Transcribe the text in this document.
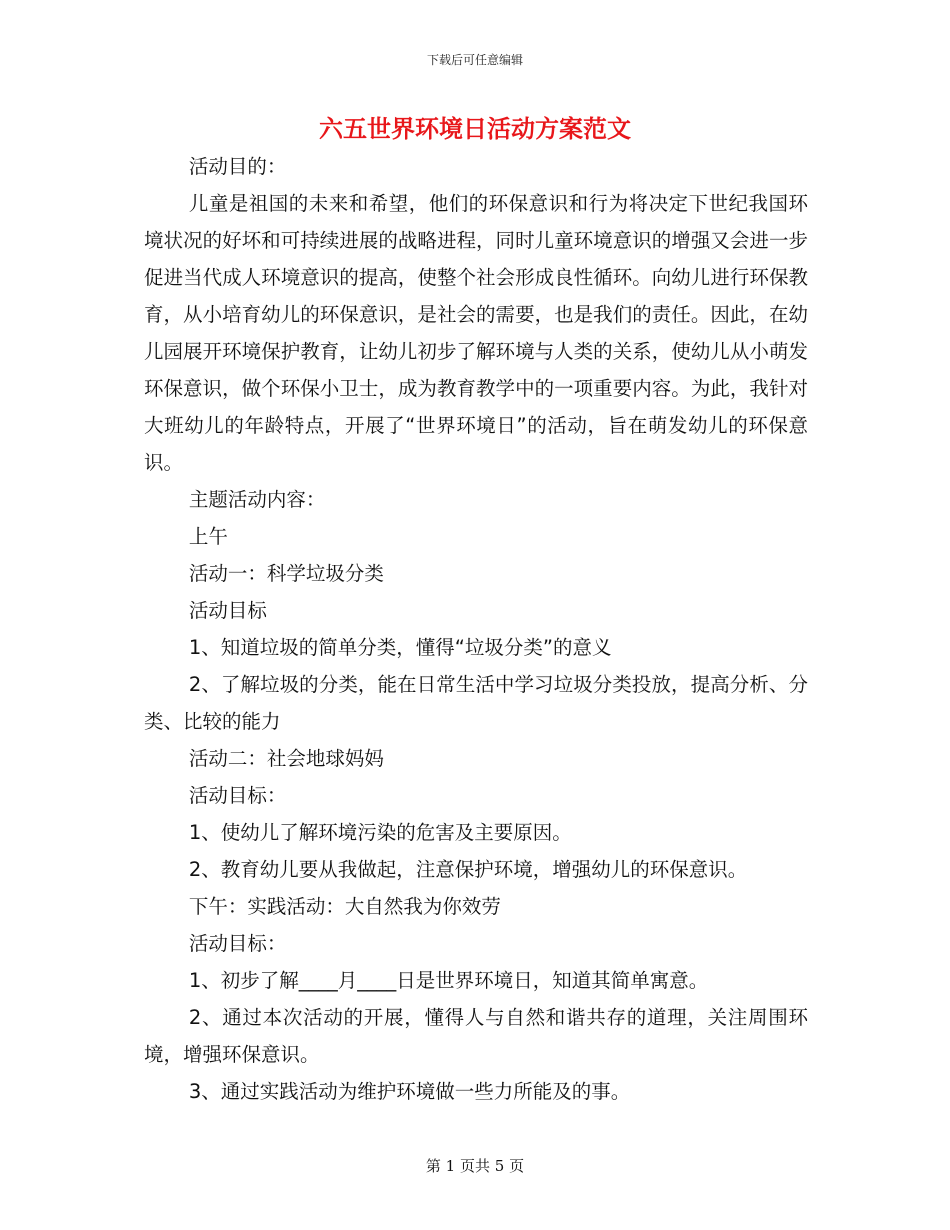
下载后可任意编辑
六五世界环境日活动方案范文

活动目的：

儿童是祖国的未来和希望，他们的环保意识和行为将决定下世纪我国环境状况的好坏和可持续进展的战略进程，同时儿童环境意识的增强又会进一步促进当代成人环境意识的提高，使整个社会形成良性循环。向幼儿进行环保教育，从小培育幼儿的环保意识，是社会的需要，也是我们的责任。因此，在幼儿园展开环境保护教育，让幼儿初步了解环境与人类的关系，使幼儿从小萌发环保意识，做个环保小卫士，成为教育教学中的一项重要内容。为此，我针对大班幼儿的年龄特点，开展了“世界环境日”的活动，旨在萌发幼儿的环保意识。

主题活动内容：

上午

活动一：科学垃圾分类

活动目标

1、知道垃圾的简单分类，懂得“垃圾分类”的意义

2、了解垃圾的分类，能在日常生活中学习垃圾分类投放，提高分析、分类、比较的能力

活动二：社会地球妈妈

活动目标：

1、使幼儿了解环境污染的危害及主要原因。

2、教育幼儿要从我做起，注意保护环境，增强幼儿的环保意识。

下午：实践活动：大自然我为你效劳

活动目标：

1、初步了解____月____日是世界环境日，知道其简单寓意。

2、通过本次活动的开展，懂得人与自然和谐共存的道理，关注周围环境，增强环保意识。

3、通过实践活动为维护环境做一些力所能及的事。

第 1 页共 5 页
